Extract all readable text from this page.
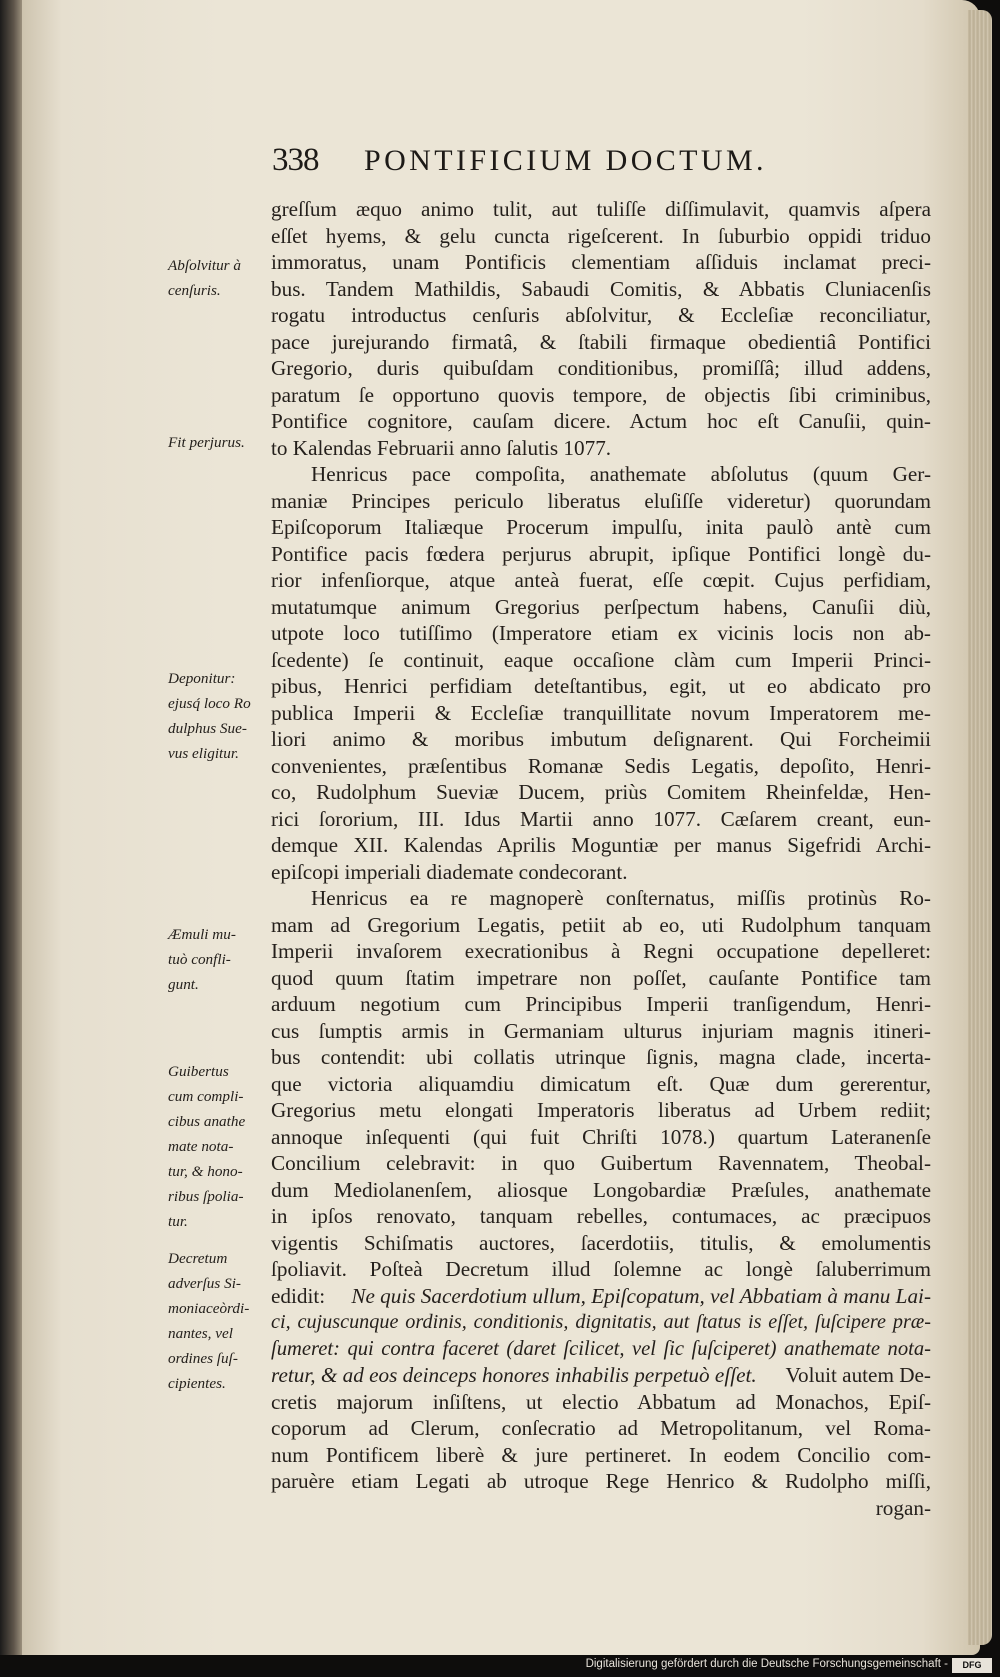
338 PONTIFICIUM DOCTUM.
Abſolvitur à
cenſuris.
Fit perjurus.
Deponitur:
ejusq́ loco Ro
dulphus Sue-
vus eligitur.
Æmuli mu-
tuò confli-
gunt.
Guibertus
cum compli-
cibus anathe
mate nota-
tur, & hono-
ribus ſpolia-
tur.
Decretum
adverſus Si-
moniaceòrdi-
nantes, vel
ordines ſuſ-
cipientes.

greſſum æquo animo tulit, aut tuliſſe diſſimulavit, quamvis aſpera
eſſet hyems, & gelu cuncta rigeſcerent. In ſuburbio oppidi triduo
immoratus, unam Pontificis clementiam aſſiduis inclamat preci-
bus. Tandem Mathildis, Sabaudi Comitis, & Abbatis Cluniacenſis
rogatu introductus cenſuris abſolvitur, & Eccleſiæ reconciliatur,
pace jurejurando firmatâ, & ſtabili firmaque obedientiâ Pontifici
Gregorio, duris quibuſdam conditionibus, promiſſâ; illud addens,
paratum ſe opportuno quovis tempore, de objectis ſibi criminibus,
Pontifice cognitore, cauſam dicere. Actum hoc eſt Canuſii, quin-
to Kalendas Februarii anno ſalutis 1077.

Henricus pace compoſita, anathemate abſolutus (quum Ger-
maniæ Principes periculo liberatus eluſiſſe videretur) quorundam
Epiſcoporum Italiæque Procerum impulſu, inita paulò antè cum
Pontifice pacis fœdera perjurus abrupit, ipſique Pontifici longè du-
rior infenſiorque, atque anteà fuerat, eſſe cœpit. Cujus perfidiam,
mutatumque animum Gregorius perſpectum habens, Canuſii diù,
utpote loco tutiſſimo (Imperatore etiam ex vicinis locis non ab-
ſcedente) ſe continuit, eaque occaſione clàm cum Imperii Princi-
pibus, Henrici perfidiam deteſtantibus, egit, ut eo abdicato pro
publica Imperii & Eccleſiæ tranquillitate novum Imperatorem me-
liori animo & moribus imbutum deſignarent. Qui Forcheimii
convenientes, præſentibus Romanæ Sedis Legatis, depoſito, Henri-
co, Rudolphum Sueviæ Ducem, priùs Comitem Rheinfeldæ, Hen-
rici ſororium, III. Idus Martii anno 1077. Cæſarem creant, eun-
demque XII. Kalendas Aprilis Moguntiæ per manus Sigefridi Archi-
epiſcopi imperiali diademate condecorant.

Henricus ea re magnoperè conſternatus, miſſis protinùs Ro-
mam ad Gregorium Legatis, petiit ab eo, uti Rudolphum tanquam
Imperii invaſorem execrationibus à Regni occupatione depelleret:
quod quum ſtatim impetrare non poſſet, cauſante Pontifice tam
arduum negotium cum Principibus Imperii tranſigendum, Henri-
cus ſumptis armis in Germaniam ulturus injuriam magnis itineri-
bus contendit: ubi collatis utrinque ſignis, magna clade, incerta-
que victoria aliquamdiu dimicatum eſt. Quæ dum gererentur,
Gregorius metu elongati Imperatoris liberatus ad Urbem rediit;
annoque inſequenti (qui fuit Chriſti 1078.) quartum Lateranenſe
Concilium celebravit: in quo Guibertum Ravennatem, Theobal-
dum Mediolanenſem, aliosque Longobardiæ Præſules, anathemate
in ipſos renovato, tanquam rebelles, contumaces, ac præcipuos
vigentis Schiſmatis auctores, ſacerdotiis, titulis, & emolumentis
ſpoliavit. Poſteà Decretum illud ſolemne ac longè ſaluberrimum
edidit: Ne quis Sacerdotium ullum, Epiſcopatum, vel Abbatiam à manu Lai-
ci, cujuscunque ordinis, conditionis, dignitatis, aut ſtatus is eſſet, ſuſcipere præ-
ſumeret: qui contra faceret (daret ſcilicet, vel ſic ſuſciperet) anathemate nota-
retur, & ad eos deinceps honores inhabilis perpetuò eſſet. Voluit autem De-
cretis majorum inſiſtens, ut electio Abbatum ad Monachos, Epiſ-
coporum ad Clerum, conſecratio ad Metropolitanum, vel Roma-
num Pontificem liberè & jure pertineret. In eodem Concilio com-
paruère etiam Legati ab utroque Rege Henrico & Rudolpho miſſi,

rogan-
Digitalisierung gefördert durch die Deutsche Forschungsgemeinschaft -	DFG
